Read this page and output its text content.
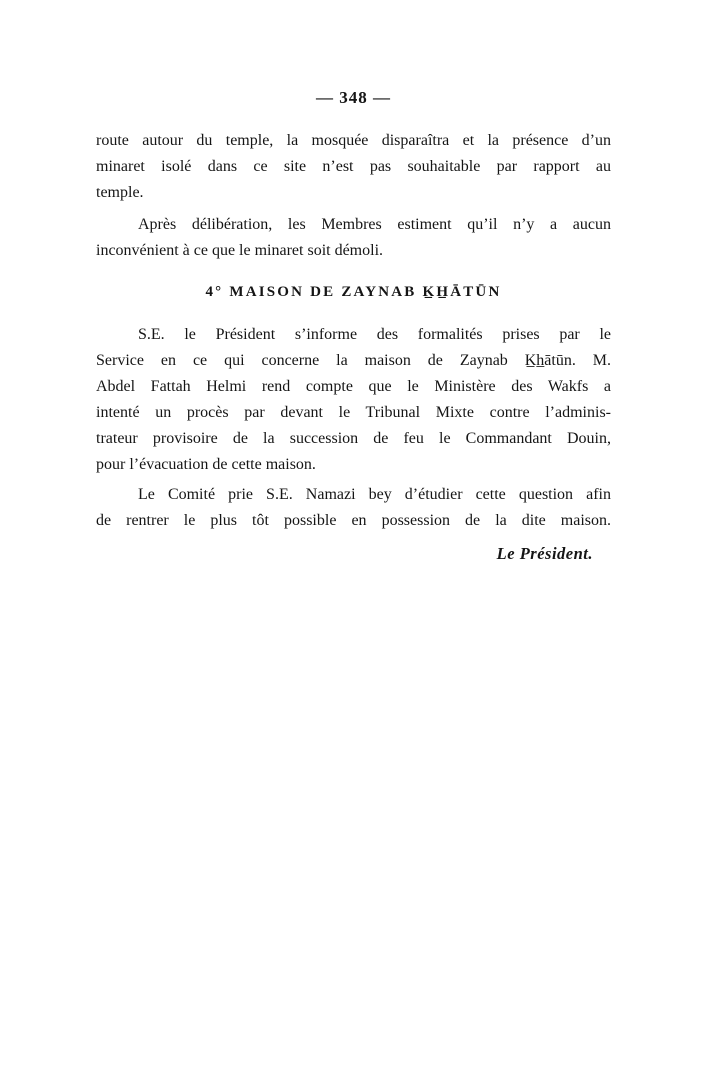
— 348 —
route autour du temple, la mosquée disparaîtra et la présence d’un
minaret isolé dans ce site n’est pas souhaitable par rapport au
temple.
Après délibération, les Membres estiment qu’il n’y a aucun
inconvénient à ce que le minaret soit démoli.
4° MAISON DE ZAYNAB K̲H̲ĀTŪN
S.E. le Président s’informe des formalités prises par le
Service en ce qui concerne la maison de Zaynab K̲h̲ātūn. M.
Abdel Fattah Helmi rend compte que le Ministère des Wakfs a
intenté un procès par devant le Tribunal Mixte contre l’adminis-
trateur provisoire de la succession de feu le Commandant Douin,
pour l’évacuation de cette maison.
Le Comité prie S.E. Namazi bey d’étudier cette question afin
de rentrer le plus tôt possible en possession de la dite maison.
Le Président.
